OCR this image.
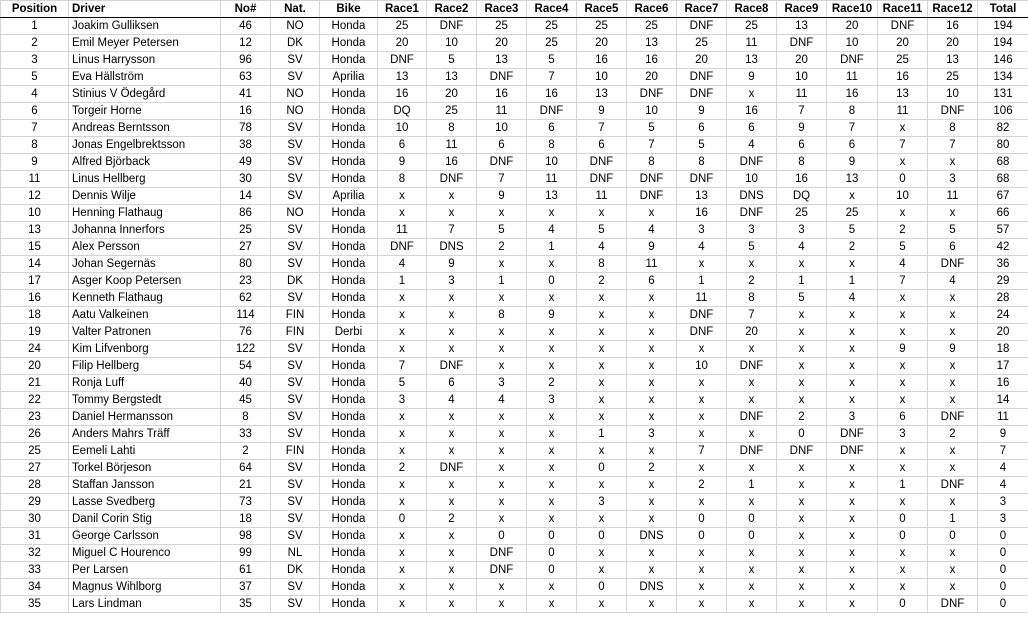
Position	Driver	No#	Nat.	Bike	Race1	Race2	Race3	Race4	Race5	Race6	Race7	Race8	Race9	Race10	Race11	Race12	Total
1	Joakim Gulliksen	46	NO	Honda	25	DNF	25	25	25	25	DNF	25	13	20	DNF	16	194
2	Emil Meyer Petersen	12	DK	Honda	20	10	20	25	20	13	25	11	DNF	10	20	20	194
3	Linus Harrysson	96	SV	Honda	DNF	5	13	5	16	16	20	13	20	DNF	25	13	146
5	Eva Hällström	63	SV	Aprilia	13	13	DNF	7	10	20	DNF	9	10	11	16	25	134
4	Stinius V Ödegård	41	NO	Honda	16	20	16	16	13	DNF	DNF	x	11	16	13	10	131
6	Torgeir Horne	16	NO	Honda	DQ	25	11	DNF	9	10	9	16	7	8	11	DNF	106
7	Andreas Berntsson	78	SV	Honda	10	8	10	6	7	5	6	6	9	7	x	8	82
8	Jonas Engelbrektsson	38	SV	Honda	6	11	6	8	6	7	5	4	6	6	7	7	80
9	Alfred Björback	49	SV	Honda	9	16	DNF	10	DNF	8	8	DNF	8	9	x	x	68
11	Linus Hellberg	30	SV	Honda	8	DNF	7	11	DNF	DNF	DNF	10	16	13	0	3	68
12	Dennis Wilje	14	SV	Aprilia	x	x	9	13	11	DNF	13	DNS	DQ	x	10	11	67
10	Henning Flathaug	86	NO	Honda	x	x	x	x	x	x	16	DNF	25	25	x	x	66
13	Johanna Innerfors	25	SV	Honda	11	7	5	4	5	4	3	3	3	5	2	5	57
15	Alex Persson	27	SV	Honda	DNF	DNS	2	1	4	9	4	5	4	2	5	6	42
14	Johan Segernäs	80	SV	Honda	4	9	x	x	8	11	x	x	x	x	4	DNF	36
17	Asger Koop Petersen	23	DK	Honda	1	3	1	0	2	6	1	2	1	1	7	4	29
16	Kenneth Flathaug	62	SV	Honda	x	x	x	x	x	x	11	8	5	4	x	x	28
18	Aatu Valkeinen	114	FIN	Honda	x	x	8	9	x	x	DNF	7	x	x	x	x	24
19	Valter Patronen	76	FIN	Derbi	x	x	x	x	x	x	DNF	20	x	x	x	x	20
24	Kim Lifvenborg	122	SV	Honda	x	x	x	x	x	x	x	x	x	x	9	9	18
20	Filip Hellberg	54	SV	Honda	7	DNF	x	x	x	x	10	DNF	x	x	x	x	17
21	Ronja Luff	40	SV	Honda	5	6	3	2	x	x	x	x	x	x	x	x	16
22	Tommy Bergstedt	45	SV	Honda	3	4	4	3	x	x	x	x	x	x	x	x	14
23	Daniel Hermansson	8	SV	Honda	x	x	x	x	x	x	x	DNF	2	3	6	DNF	11
26	Anders Mahrs Träff	33	SV	Honda	x	x	x	x	1	3	x	x	0	DNF	3	2	9
25	Eemeli Lahti	2	FIN	Honda	x	x	x	x	x	x	7	DNF	DNF	DNF	x	x	7
27	Torkel Börjeson	64	SV	Honda	2	DNF	x	x	0	2	x	x	x	x	x	x	4
28	Staffan Jansson	21	SV	Honda	x	x	x	x	x	x	2	1	x	x	1	DNF	4
29	Lasse Svedberg	73	SV	Honda	x	x	x	x	3	x	x	x	x	x	x	x	3
30	Danil Corin Stig	18	SV	Honda	0	2	x	x	x	x	0	0	x	x	0	1	3
31	George Carlsson	98	SV	Honda	x	x	0	0	0	DNS	0	0	x	x	0	0	0
32	Miguel C Hourenco	99	NL	Honda	x	x	DNF	0	x	x	x	x	x	x	x	x	0
33	Per Larsen	61	DK	Honda	x	x	DNF	0	x	x	x	x	x	x	x	x	0
34	Magnus Wihlborg	37	SV	Honda	x	x	x	x	0	DNS	x	x	x	x	x	x	0
35	Lars Lindman	35	SV	Honda	x	x	x	x	x	x	x	x	x	x	0	DNF	0
